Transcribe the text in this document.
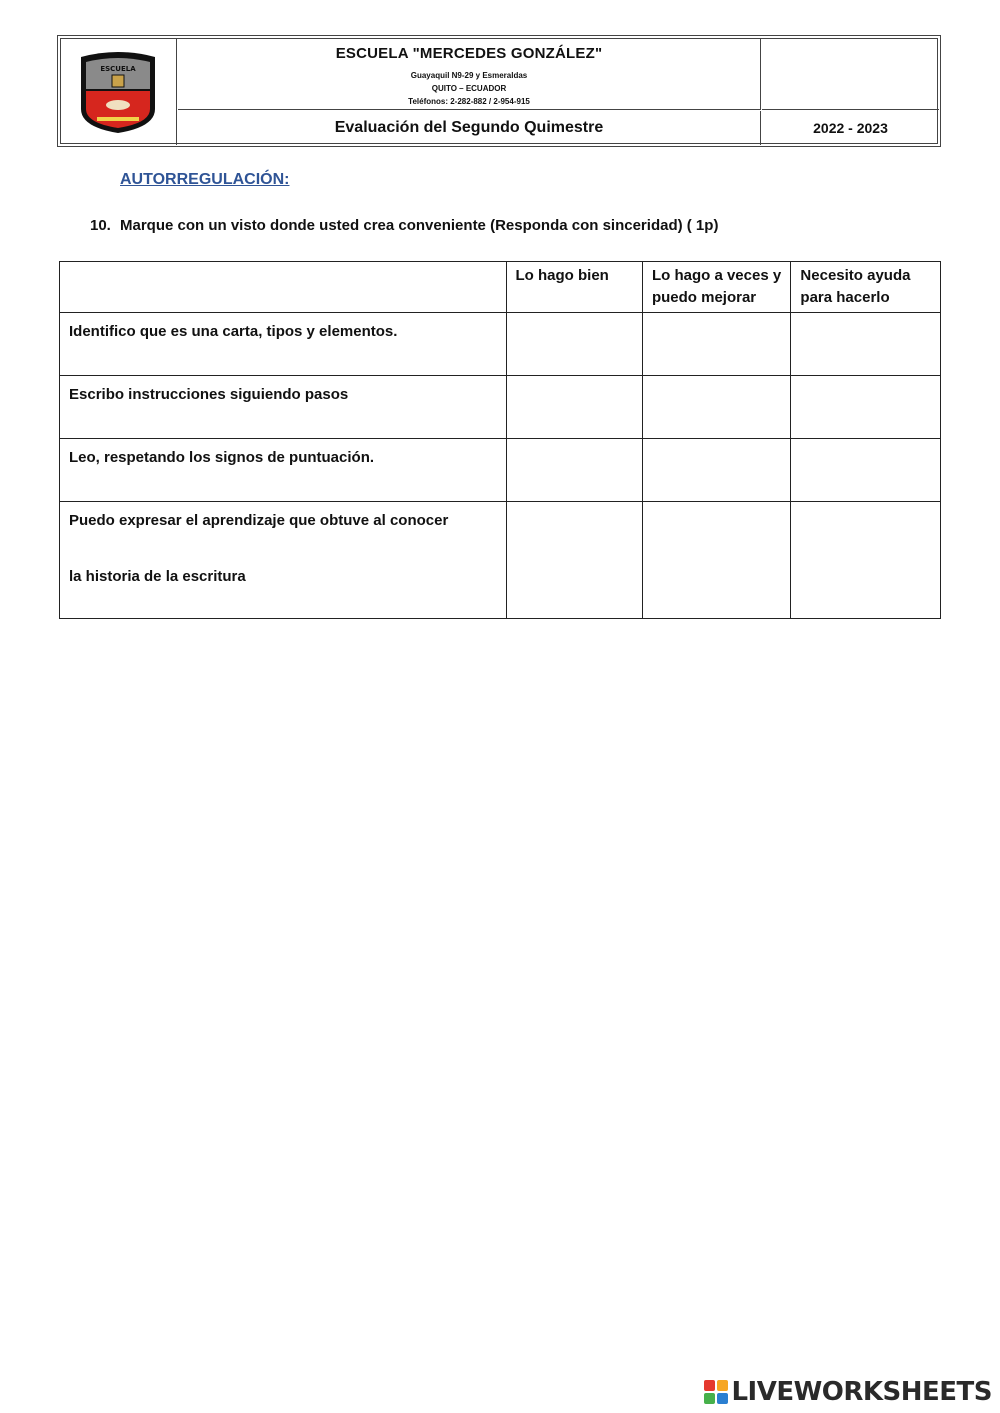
ESCUELA
ESCUELA "MERCEDES GONZÁLEZ"
Guayaquil N9-29 y Esmeraldas
QUITO – ECUADOR
Teléfonos: 2-282-882 / 2-954-915
Evaluación del Segundo Quimestre	2022 - 2023
AUTORREGULACIÓN:
10. Marque con un visto donde usted crea conveniente (Responda con sinceridad) ( 1p)
	Lo hago bien	Lo hago a veces y puedo mejorar	Necesito ayuda para hacerlo
Identifico que es una carta, tipos y elementos.			
Escribo instrucciones siguiendo pasos			
Leo, respetando los signos de puntuación.			
Puedo expresar el aprendizaje que obtuve al conocer
la historia de la escritura			

LIVEWORKSHEETS
